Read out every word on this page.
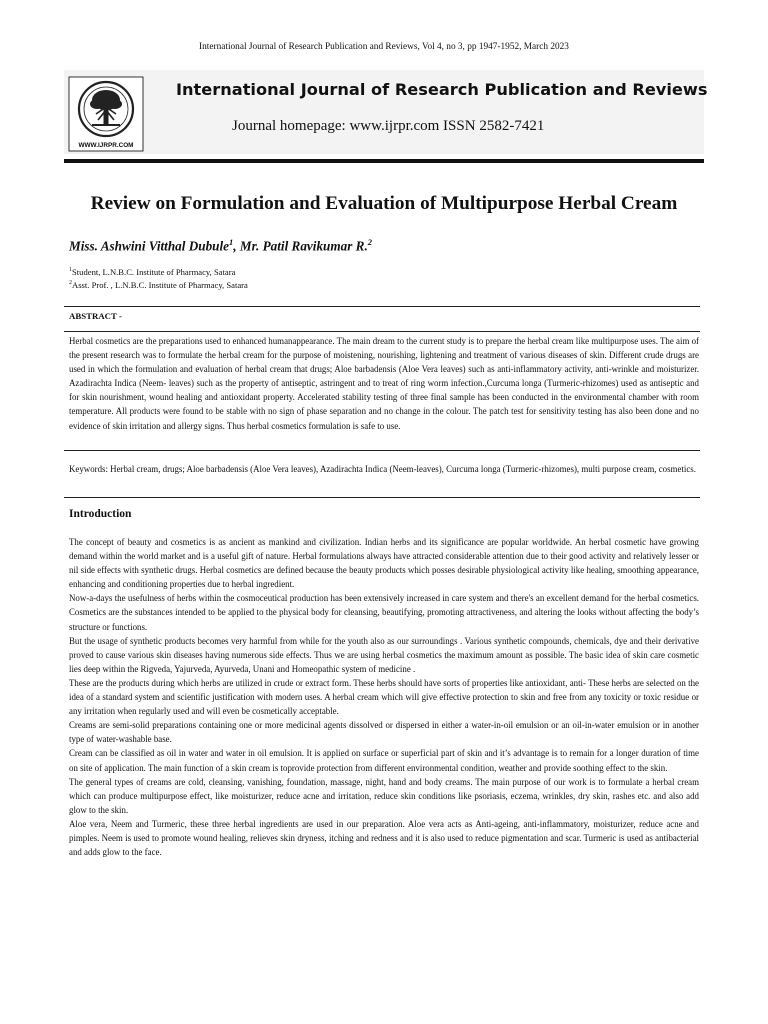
International Journal of Research Publication and Reviews, Vol 4, no 3, pp 1947-1952, March 2023
WWW.IJRPR.COM
International Journal of Research Publication and Reviews
Journal homepage: www.ijrpr.com ISSN 2582-7421
Review on Formulation and Evaluation of Multipurpose Herbal Cream
Miss. Ashwini Vitthal Dubule$^1$, Mr. Patil Ravikumar R.$^2$
$^1$Student, L.N.B.C. Institute of Pharmacy, Satara
$^2$Asst. Prof. , L.N.B.C. Institute of Pharmacy, Satara
ABSTRACT -
Herbal cosmetics are the preparations used to enhanced humanappearance. The main dream to the current study is to prepare the herbal cream like multipurpose uses. The aim of the present research was to formulate the herbal cream for the purpose of moistening, nourishing, lightening and treatment of various diseases of skin. Different crude drugs are used in which the formulation and evaluation of herbal cream that drugs; Aloe barbadensis (Aloe Vera leaves) such as anti-inflammatory activity, anti-wrinkle and moisturizer. Azadirachta Indica (Neem- leaves) such as the property of antiseptic, astringent and to treat of ring worm infection.,Curcuma longa (Turmeric-rhizomes) used as antiseptic and for skin nourishment, wound healing and antioxidant property. Accelerated stability testing of three final sample has been conducted in the environmental chamber with room temperature. All products were found to be stable with no sign of phase separation and no change in the colour. The patch test for sensitivity testing has also been done and no evidence of skin irritation and allergy signs. Thus herbal cosmetics formulation is safe to use.
Keywords: Herbal cream, drugs; Aloe barbadensis (Aloe Vera leaves), Azadirachta Indica (Neem-leaves), Curcuma longa (Turmeric-rhizomes), multi purpose cream, cosmetics.
Introduction

The concept of beauty and cosmetics is as ancient as mankind and civilization. Indian herbs and its significance are popular worldwide. An herbal cosmetic have growing demand within the world market and is a useful gift of nature. Herbal formulations always have attracted considerable attention due to their good activity and relatively lesser or nil side effects with synthetic drugs. Herbal cosmetics are defined because the beauty products which posses desirable physiological activity like healing, smoothing appearance, enhancing and conditioning properties due to herbal ingredient.

Now-a-days the usefulness of herbs within the cosmoceutical production has been extensively increased in care system and there's an excellent demand for the herbal cosmetics. Cosmetics are the substances intended to be applied to the physical body for cleansing, beautifying, promoting attractiveness, and altering the looks without affecting the body’s structure or functions.

But the usage of synthetic products becomes very harmful from while for the youth also as our surroundings . Various synthetic compounds, chemicals, dye and their derivative proved to cause various skin diseases having numerous side effects. Thus we are using herbal cosmetics the maximum amount as possible. The basic idea of skin care cosmetic lies deep within the Rigveda, Yajurveda, Ayurveda, Unani and Homeopathic system of medicine .

These are the products during which herbs are utilized in crude or extract form. These herbs should have sorts of properties like antioxidant, anti- These herbs are selected on the idea of a standard system and scientific justification with modern uses. A herbal cream which will give effective protection to skin and free from any toxicity or toxic residue or any irritation when regularly used and will even be cosmetically acceptable.

Creams are semi-solid preparations containing one or more medicinal agents dissolved or dispersed in either a water-in-oil emulsion or an oil-in-water emulsion or in another type of water-washable base.

Cream can be classified as oil in water and water in oil emulsion. It is applied on surface or superficial part of skin and it’s advantage is to remain for a longer duration of time on site of application. The main function of a skin cream is toprovide protection from different environmental condition, weather and provide soothing effect to the skin.

The general types of creams are cold, cleansing, vanishing, foundation, massage, night, hand and body creams. The main purpose of our work is to formulate a herbal cream which can produce multipurpose effect, like moisturizer, reduce acne and irritation, reduce skin conditions like psoriasis, eczema, wrinkles, dry skin, rashes etc. and also add glow to the skin.

Aloe vera, Neem and Turmeric, these three herbal ingredients are used in our preparation. Aloe vera acts as Anti-ageing, anti-inflammatory, moisturizer, reduce acne and pimples. Neem is used to promote wound healing, relieves skin dryness, itching and redness and it is also used to reduce pigmentation and scar. Turmeric is used as antibacterial and adds glow to the face.
